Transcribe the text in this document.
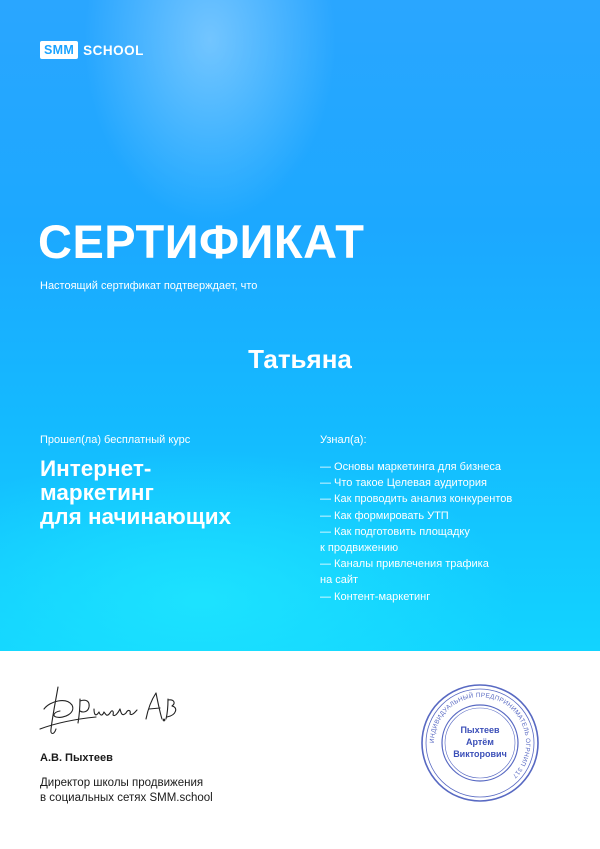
SMM SCHOOL
СЕРТИФИКАТ
Настоящий сертификат подтверждает, что
Татьяна
Прошел(ла) бесплатный курс
Интернет-
маркетинг
для начинающих
Узнал(а):
— Основы маркетинга для бизнеса
— Что такое Целевая аудитория
— Как проводить анализ конкурентов
— Как формировать УТП
— Как подготовить площадку
к продвижению
— Каналы привлечения трафика
на сайт
— Контент-маркетинг
А.В. Пыхтеев
Директор школы продвижения
в социальных сетях SMM.school
ИНДИВИДУАЛЬНЫЙ ПРЕДПРИНИМАТЕЛЬ ОГРНИП 317
Пыхтеев
Артём
Викторович
